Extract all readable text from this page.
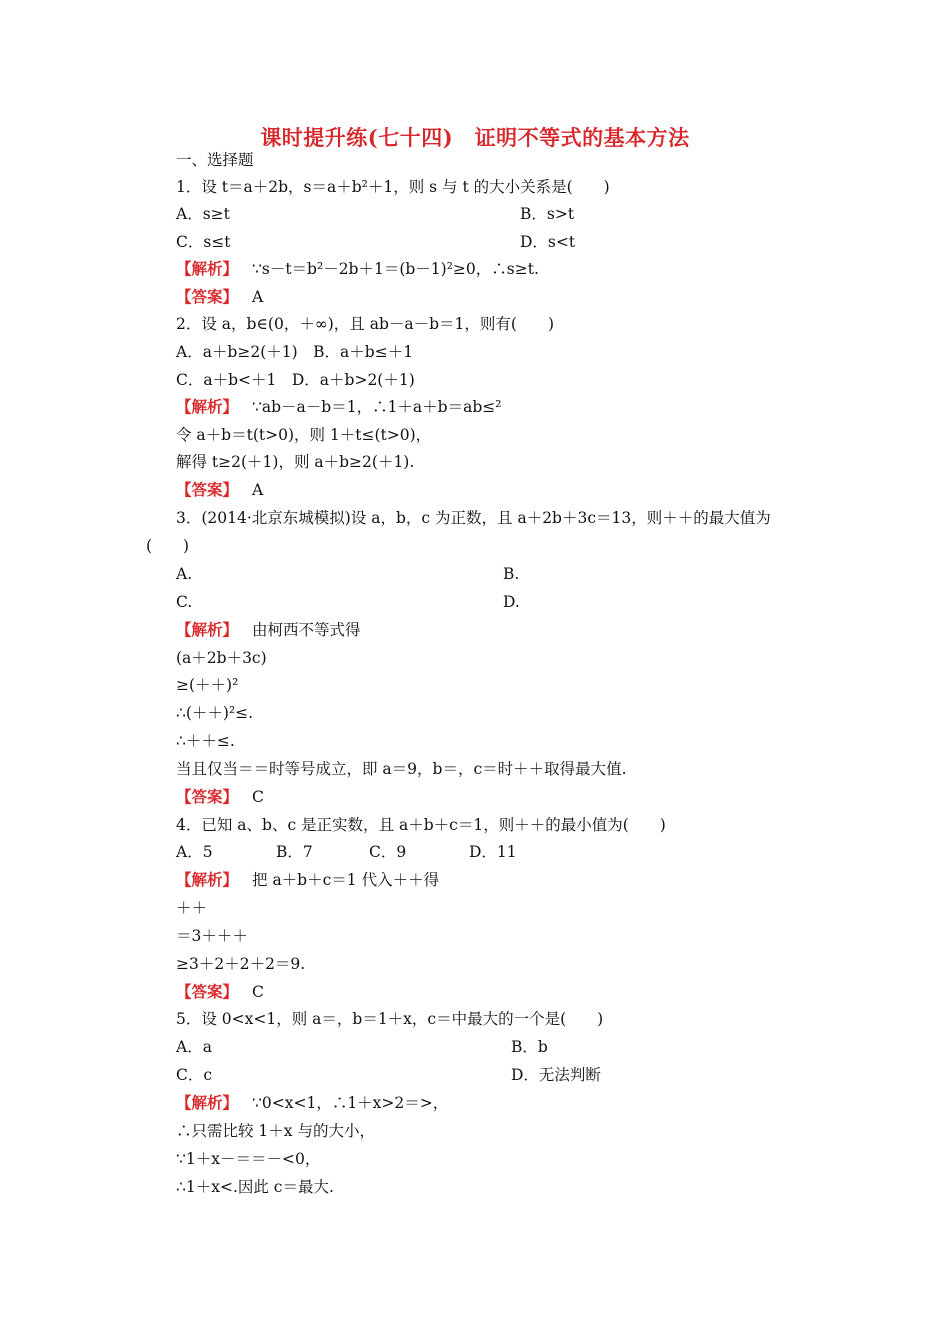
课时提升练(七十四)　证明不等式的基本方法
一、选择题
1．设 t＝a＋2b，s＝a＋b²＋1，则 s 与 t 的大小关系是(　　)
A．s≥t	B．s>t
C．s≤t	D．s<t
【解析】 ∵s－t＝b²－2b＋1＝(b－1)²≥0，∴s≥t.
【答案】 A
2．设 a，b∈(0，＋∞)，且 ab－a－b＝1，则有(　　)
A．a＋b≥2(＋1)　B．a＋b≤＋1
C．a＋b<＋1　D．a＋b>2(＋1)
【解析】 ∵ab－a－b＝1，∴1＋a＋b＝ab≤²
令 a＋b＝t(t>0)，则 1＋t≤(t>0)，
解得 t≥2(＋1)，则 a＋b≥2(＋1).
【答案】 A
3．(2014·北京东城模拟)设 a，b，c 为正数，且 a＋2b＋3c＝13，则＋＋的最大值为
(　　)
A.	B.
C.	D.
【解析】 由柯西不等式得
(a＋2b＋3c)
≥(＋＋)²
∴(＋＋)²≤.
∴＋＋≤.
当且仅当＝＝时等号成立，即 a＝9，b＝，c＝时＋＋取得最大值.
【答案】 C
4．已知 a、b、c 是正实数，且 a＋b＋c＝1，则＋＋的最小值为(　　)
A．5	B．7	C．9	D．11
【解析】 把 a＋b＋c＝1 代入＋＋得
＋＋
＝3＋＋＋
≥3＋2＋2＋2＝9.
【答案】 C
5．设 0<x<1，则 a＝，b＝1＋x，c＝中最大的一个是(　　)
A．a	B．b
C．c	D．无法判断
【解析】 ∵0<x<1，∴1＋x>2＝>，
∴只需比较 1＋x 与的大小，
∵1＋x－＝＝－<0，
∴1＋x<.因此 c＝最大.
